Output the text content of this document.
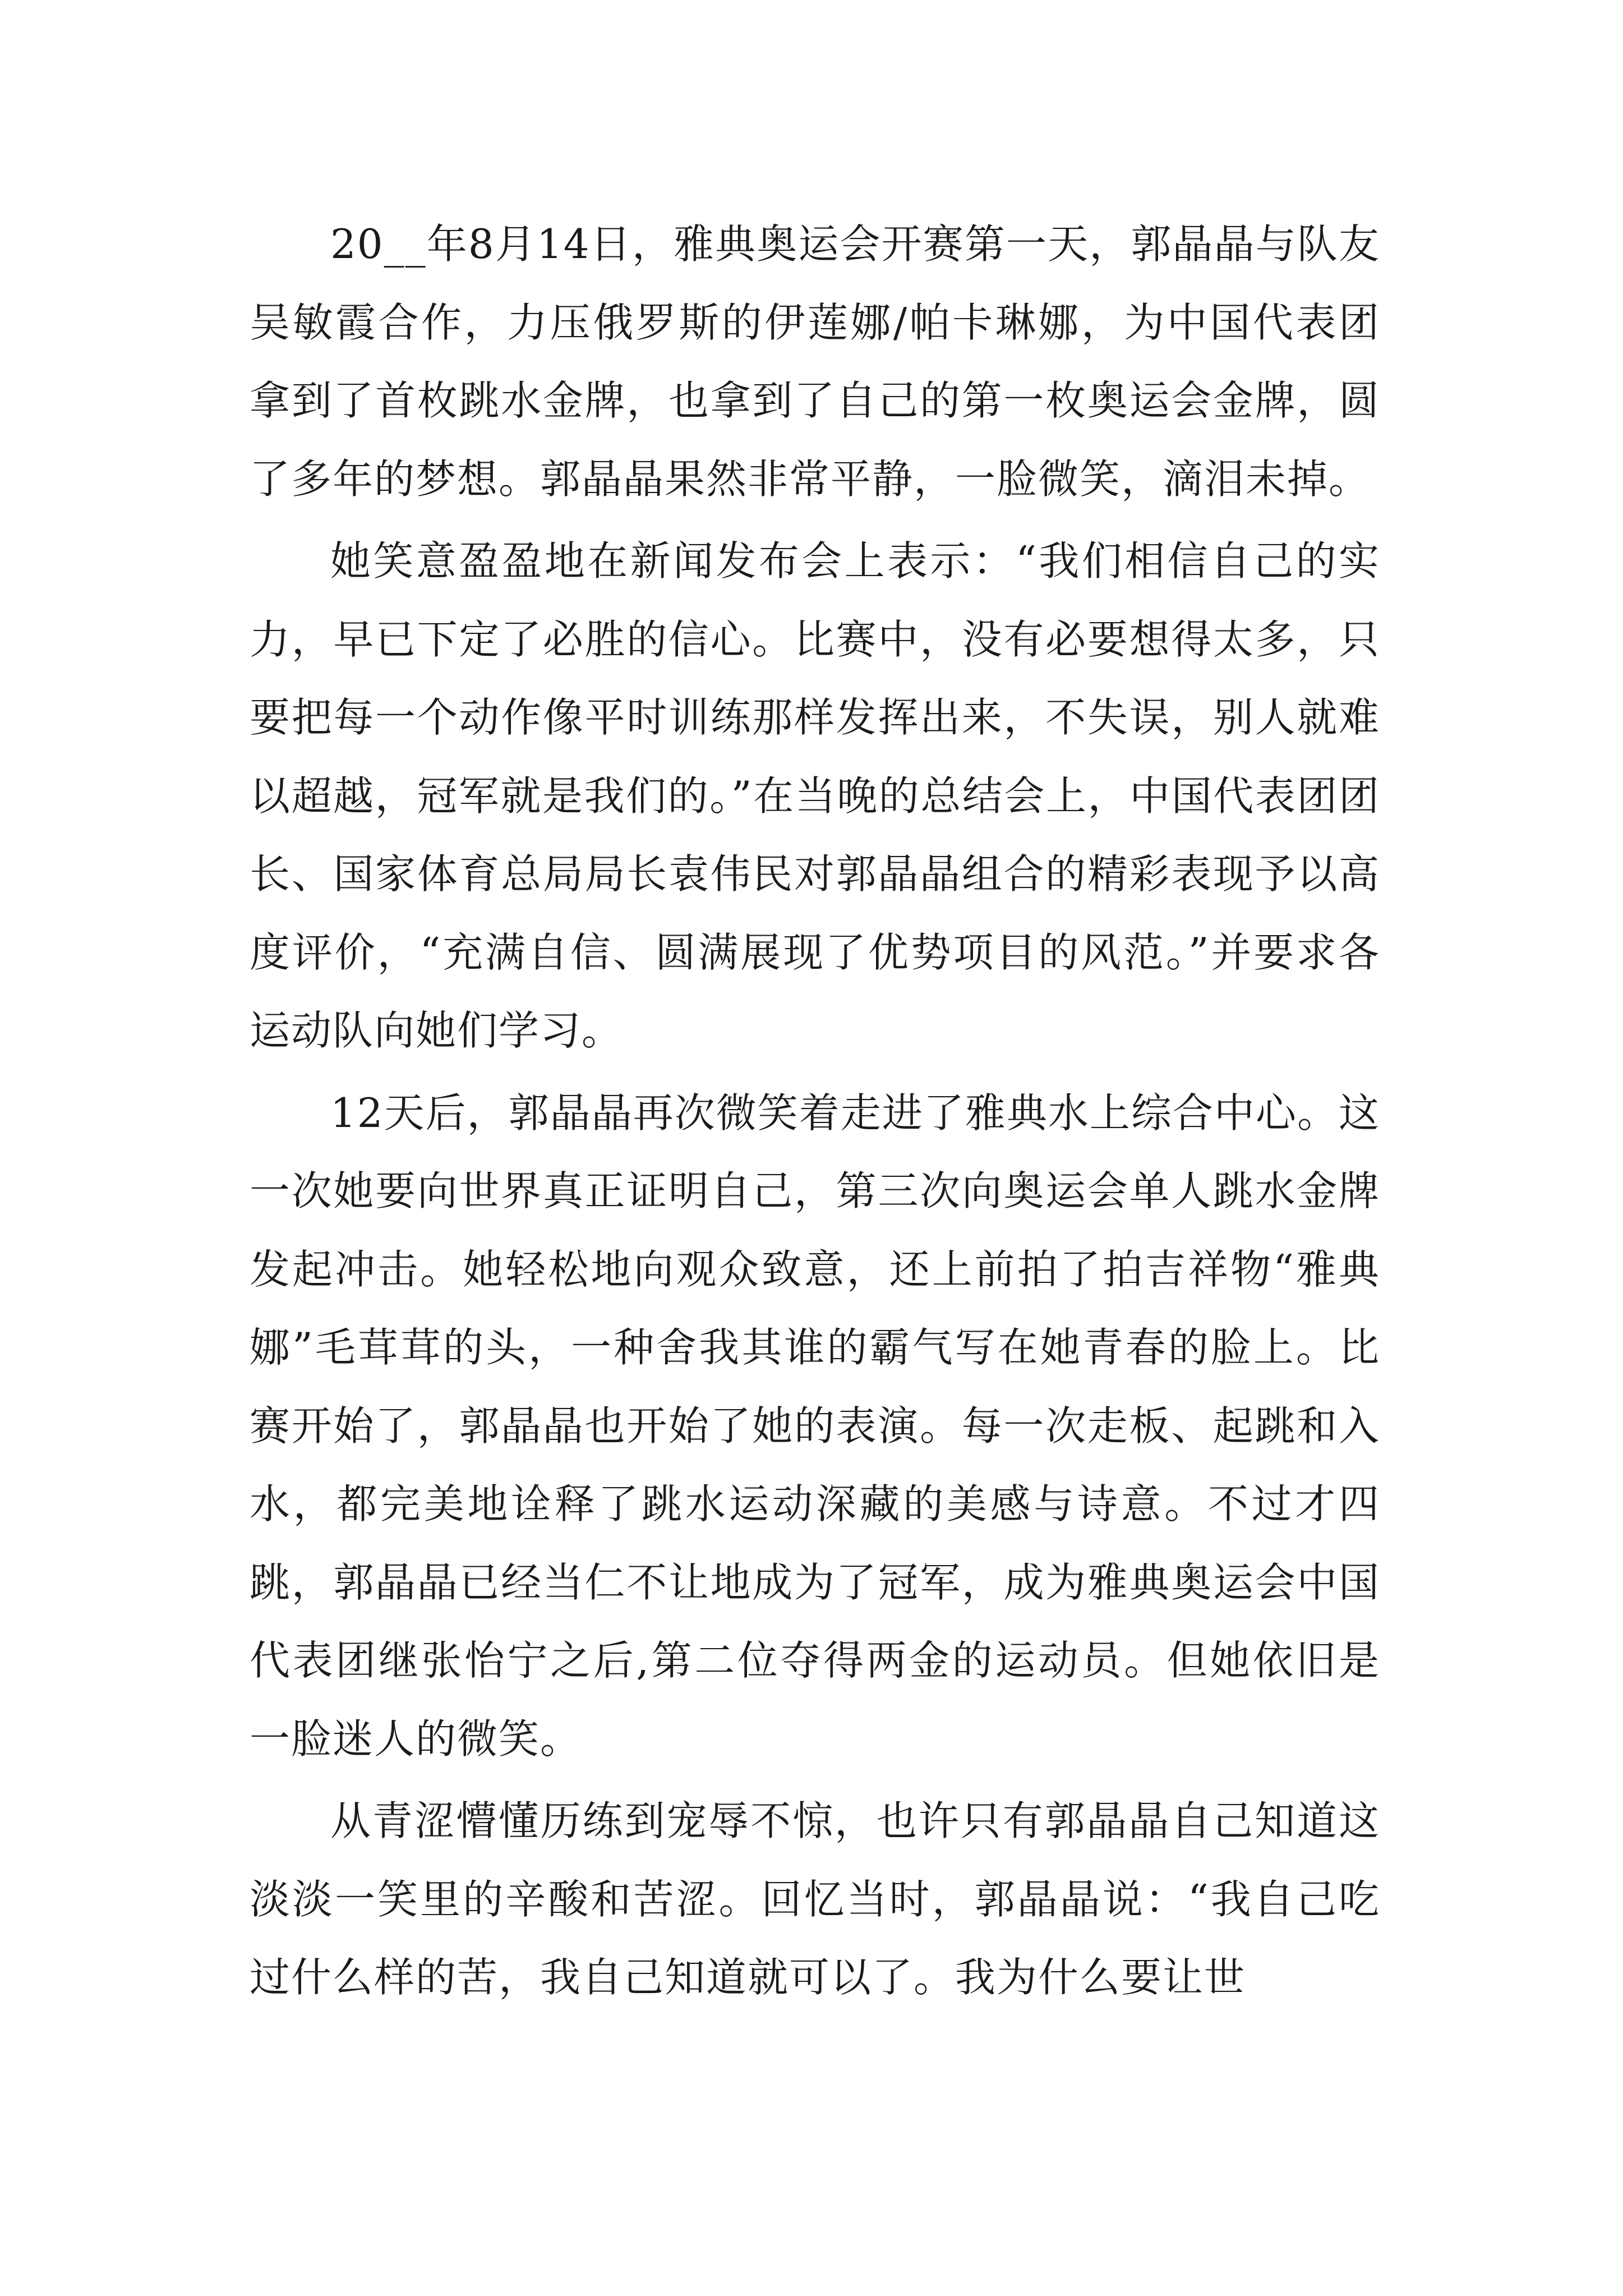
20__年8月14日，雅典奥运会开赛第一天，郭晶晶与队友吴敏霞合作，力压俄罗斯的伊莲娜/帕卡琳娜，为中国代表团拿到了首枚跳水金牌，也拿到了自己的第一枚奥运会金牌，圆了多年的梦想。郭晶晶果然非常平静，一脸微笑，滴泪未掉。

她笑意盈盈地在新闻发布会上表示：“我们相信自己的实力，早已下定了必胜的信心。比赛中，没有必要想得太多，只要把每一个动作像平时训练那样发挥出来，不失误，别人就难以超越，冠军就是我们的。”在当晚的总结会上，中国代表团团长、国家体育总局局长袁伟民对郭晶晶组合的精彩表现予以高度评价，“充满自信、圆满展现了优势项目的风范。”并要求各运动队向她们学习。

12天后，郭晶晶再次微笑着走进了雅典水上综合中心。这一次她要向世界真正证明自己，第三次向奥运会单人跳水金牌发起冲击。她轻松地向观众致意，还上前拍了拍吉祥物“雅典娜”毛茸茸的头，一种舍我其谁的霸气写在她青春的脸上。比赛开始了，郭晶晶也开始了她的表演。每一次走板、起跳和入水，都完美地诠释了跳水运动深藏的美感与诗意。不过才四跳，郭晶晶已经当仁不让地成为了冠军，成为雅典奥运会中国代表团继张怡宁之后,第二位夺得两金的运动员。但她依旧是一脸迷人的微笑。

从青涩懵懂历练到宠辱不惊，也许只有郭晶晶自己知道这淡淡一笑里的辛酸和苦涩。回忆当时，郭晶晶说：“我自己吃过什么样的苦，我自己知道就可以了。我为什么要让世
